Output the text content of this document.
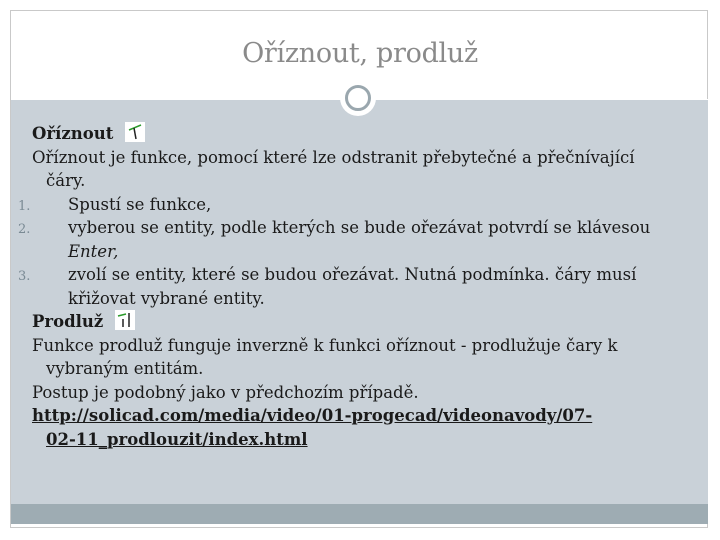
Oříznout, prodluž
Oříznout
Oříznout je funkce, pomocí které lze odstranit přebytečné a přečnívající
čáry.
1. Spustí se funkce,
2. vyberou se entity, podle kterých se bude ořezávat potvrdí se klávesou
Enter,
3. zvolí se entity, které se budou ořezávat. Nutná podmínka. čáry musí
křižovat vybrané entity.
Prodluž
Funkce prodluž funguje inverzně k funkci oříznout - prodlužuje čary k
vybraným entitám.
Postup je podobný jako v předchozím případě.
http://solicad.com/media/video/01-progecad/videonavody/07-
02-11_prodlouzit/index.html
